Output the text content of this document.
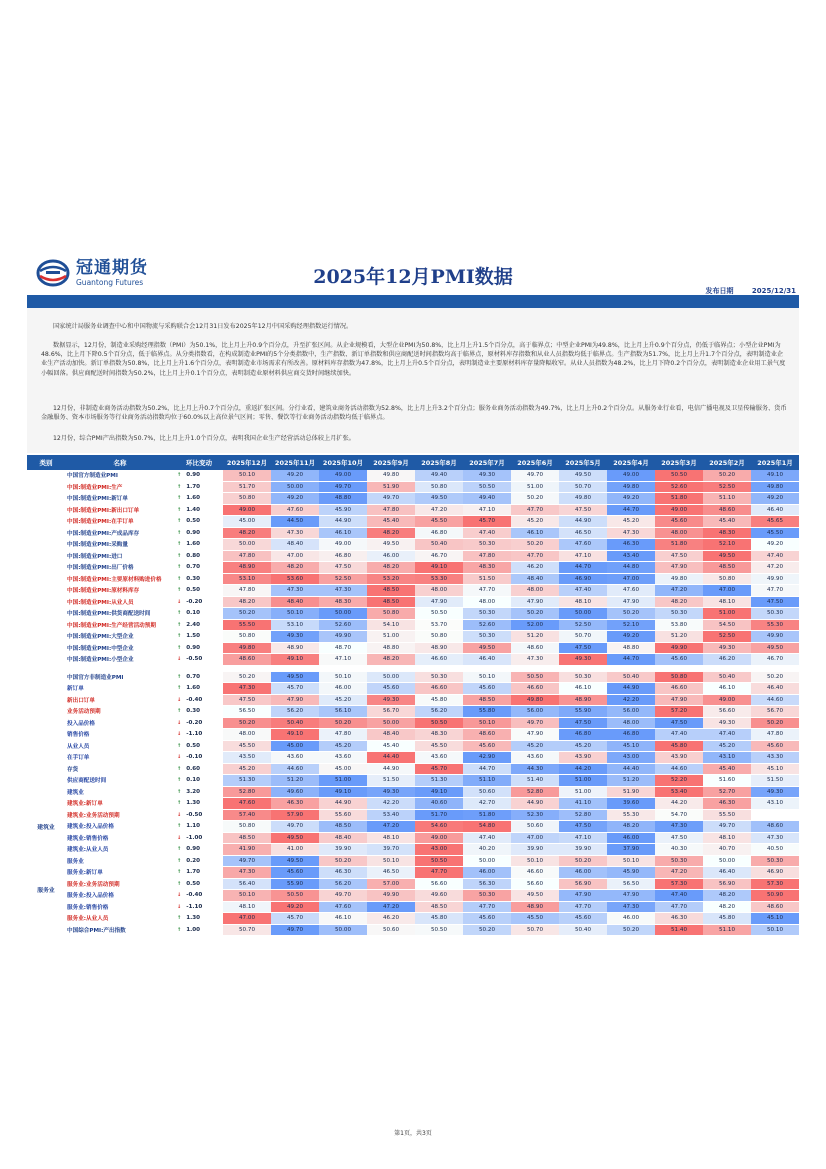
冠通期货
Guantong Futures	2025年12月PMI数据
发布日期	2025/12/31

国家统计局服务业调查中心和中国物流与采购联合会12月31日发布2025年12月中国采购经理指数运行情况。

数据显示，12月份，制造业采购经理指数（PMI）为50.1%，比上月上升0.9个百分点，升至扩张区间。从企业规模看，大型企业PMI为50.8%，比上月上升1.5个百分点，高于临界点；中型企业PMI为49.8%，比上月上升0.9个百分点，仍低于临界点；小型企业PMI为48.6%，比上月下降0.5个百分点，低于临界点。从分类指数看，在构成制造业PMI的5个分类指数中，生产指数、新订单指数和供应商配送时间指数均高于临界点，原材料库存指数和从业人员指数均低于临界点。生产指数为51.7%，比上月上升1.7个百分点，表明制造业企业生产活动加快。新订单指数为50.8%，比上月上升1.6个百分点，表明制造业市场需求有所改善。原材料库存指数为47.8%，比上月上升0.5个百分点，表明制造业主要原材料库存量降幅收窄。从业人员指数为48.2%，比上月下降0.2个百分点，表明制造业企业用工景气度小幅回落。供应商配送时间指数为50.2%，比上月上升0.1个百分点，表明制造业原材料供应商交货时间继续加快。

12月份，非制造业商务活动指数为50.2%，比上月上升0.7个百分点，重返扩张区间。分行业看，建筑业商务活动指数为52.8%，比上月上升3.2个百分点；服务业商务活动指数为49.7%，比上月上升0.2个百分点。从服务业行业看，电信广播电视及卫星传输服务、货币金融服务、资本市场服务等行业商务活动指数均位于60.0%以上高位景气区间；零售、餐饮等行业商务活动指数均低于临界点。

12月份，综合PMI产出指数为50.7%，比上月上升1.0个百分点，表明我国企业生产经营活动总体较上月扩张。

类别	名称	环比变动	2025年12月	2025年11月	2025年10月	2025年9月	2025年8月	2025年7月	2025年6月	2025年5月	2025年4月	2025年3月	2025年2月	2025年1月
	中国官方制造业PMI	↑ 0.90	50.10	49.20	49.00	49.80	49.40	49.30	49.70	49.50	49.00	50.50	50.20	49.10
	中国:制造业PMI:生产	↑ 1.70	51.70	50.00	49.70	51.90	50.80	50.50	51.00	50.70	49.80	52.60	52.50	49.80
	中国:制造业PMI:新订单	↑ 1.60	50.80	49.20	48.80	49.70	49.50	49.40	50.20	49.80	49.20	51.80	51.10	49.20
	中国:制造业PMI:新出口订单	↑ 1.40	49.00	47.60	45.90	47.80	47.20	47.10	47.70	47.50	44.70	49.00	48.60	46.40
	中国:制造业PMI:在手订单	↑ 0.50	45.00	44.50	44.90	45.40	45.50	45.70	45.20	44.90	45.20	45.60	45.40	45.65
	中国:制造业PMI:产成品库存	↑ 0.90	48.20	47.30	46.10	48.20	46.80	47.40	46.10	46.50	47.30	48.00	48.30	45.50
	中国:制造业PMI:采购量	↑ 1.60	50.00	48.40	49.00	49.50	50.40	50.30	50.20	47.60	46.30	51.80	52.10	49.20
	中国:制造业PMI:进口	↑ 0.80	47.80	47.00	46.80	46.00	46.70	47.80	47.70	47.10	43.40	47.50	49.50	47.40
	中国:制造业PMI:出厂价格	↑ 0.70	48.90	48.20	47.50	48.20	49.10	48.30	46.20	44.70	44.80	47.90	48.50	47.20
	中国:制造业PMI:主要原材料购进价格	↑ 0.30	53.10	53.60	52.50	53.20	53.30	51.50	48.40	46.90	47.00	49.80	50.80	49.90
	中国:制造业PMI:原材料库存	↑ 0.50	47.80	47.30	47.30	48.50	48.00	47.70	48.00	47.40	47.60	47.20	47.00	47.70
	中国:制造业PMI:从业人员	↓ -0.20	48.20	48.40	48.30	48.50	47.90	48.00	47.90	48.10	47.90	48.20	48.10	47.50
	中国:制造业PMI:供货商配送时间	↑ 0.10	50.20	50.10	50.00	50.80	50.50	50.30	50.20	50.00	50.20	50.30	51.00	50.30
	中国:制造业PMI:生产经营活动预期	↑ 2.40	55.50	53.10	52.60	54.10	53.70	52.60	52.00	52.50	52.10	53.80	54.50	55.30
	中国:制造业PMI:大型企业	↑ 1.50	50.80	49.30	49.90	51.00	50.80	50.30	51.20	50.70	49.20	51.20	52.50	49.90
	中国:制造业PMI:中型企业	↑ 0.90	49.80	48.90	48.70	48.80	48.90	49.50	48.60	47.50	48.80	49.90	49.30	49.50
	中国:制造业PMI:小型企业	↓ -0.50	48.60	49.10	47.10	48.20	46.60	46.40	47.30	49.30	44.70	45.60	46.20	46.70

	中国官方非制造业PMI	↑ 0.70	50.20	49.50	50.10	50.00	50.30	50.10	50.50	50.30	50.40	50.80	50.40	50.20
	新订单	↑ 1.60	47.30	45.70	46.00	45.60	46.60	45.60	46.60	46.10	44.90	46.60	46.10	46.40
	新出口订单	↓ -0.40	47.50	47.90	45.20	49.30	45.80	48.50	49.80	48.90	42.20	47.90	49.00	44.60
	业务活动预期	↑ 0.30	56.50	56.20	56.10	56.70	56.20	55.80	56.00	55.90	56.00	57.20	56.60	56.70
	投入品价格	↓ -0.20	50.20	50.40	50.20	50.00	50.50	50.10	49.70	47.50	48.00	47.50	49.30	50.20
	销售价格	↓ -1.10	48.00	49.10	47.80	48.40	48.30	48.60	47.90	46.80	46.80	47.40	47.40	47.80
	从业人员	↑ 0.50	45.50	45.00	45.20	45.40	45.50	45.60	45.20	45.20	45.10	45.80	45.20	45.60
	在手订单	↓ -0.10	43.50	43.60	43.60	44.40	43.60	42.90	43.60	43.90	43.00	43.90	43.10	43.30
	存货	↑ 0.60	45.20	44.60	45.00	44.90	45.70	44.70	44.30	44.20	44.40	44.60	45.40	45.10
	供应商配送时间	↑ 0.10	51.30	51.20	51.00	51.50	51.30	51.10	51.40	51.00	51.20	52.20	51.60	51.50
	建筑业	↑ 3.20	52.80	49.60	49.10	49.30	49.10	50.60	52.80	51.00	51.90	53.40	52.70	49.30
建筑业	建筑业:新订单	↑ 1.30	47.60	46.30	44.90	42.20	40.60	42.70	44.90	41.10	39.60	44.20	46.30	43.10
	建筑业:业务活动预期	↓ -0.50	57.40	57.90	55.60	53.40	51.70	51.80	52.30	52.80	55.30	54.70	55.50	
	建筑业:投入品价格	↑ 1.10	50.80	49.70	48.50	47.20	54.60	54.80	50.60	47.50	48.20	47.30	49.70	48.60
	建筑业:销售价格	↓ -1.00	48.50	49.50	48.40	48.10	49.00	47.40	47.00	47.10	46.00	47.50	48.10	47.30
	建筑业:从业人员	↑ 0.90	41.90	41.00	39.90	39.70	43.00	40.20	39.90	39.90	37.90	40.30	40.70	40.50
服务业	服务业	↑ 0.20	49.70	49.50	50.20	50.10	50.50	50.00	50.10	50.20	50.10	50.30	50.00	50.30
	服务业:新订单	↑ 1.70	47.30	45.60	46.30	46.50	47.70	46.00	46.60	46.00	45.90	47.20	46.40	46.90
	服务业:业务活动预期	↑ 0.50	56.40	55.90	56.20	57.00	56.60	56.30	56.60	56.90	56.50	57.30	56.90	57.30
	服务业:投入品价格	↓ -0.40	50.10	50.50	49.70	49.90	49.60	50.30	49.50	47.90	47.90	47.40	48.20	50.90
	服务业:销售价格	↓ -1.10	48.10	49.20	47.60	47.20	48.50	47.70	48.90	47.70	47.30	47.70	48.20	48.60
	服务业:从业人员	↑ 1.30	47.00	45.70	46.10	46.20	45.80	45.60	45.50	45.60	46.00	46.30	45.80	45.10
	中国综合PMI:产出指数	↑ 1.00	50.70	49.70	50.00	50.60	50.50	50.20	50.70	50.40	50.20	51.40	51.10	50.10
第1页，共3页
